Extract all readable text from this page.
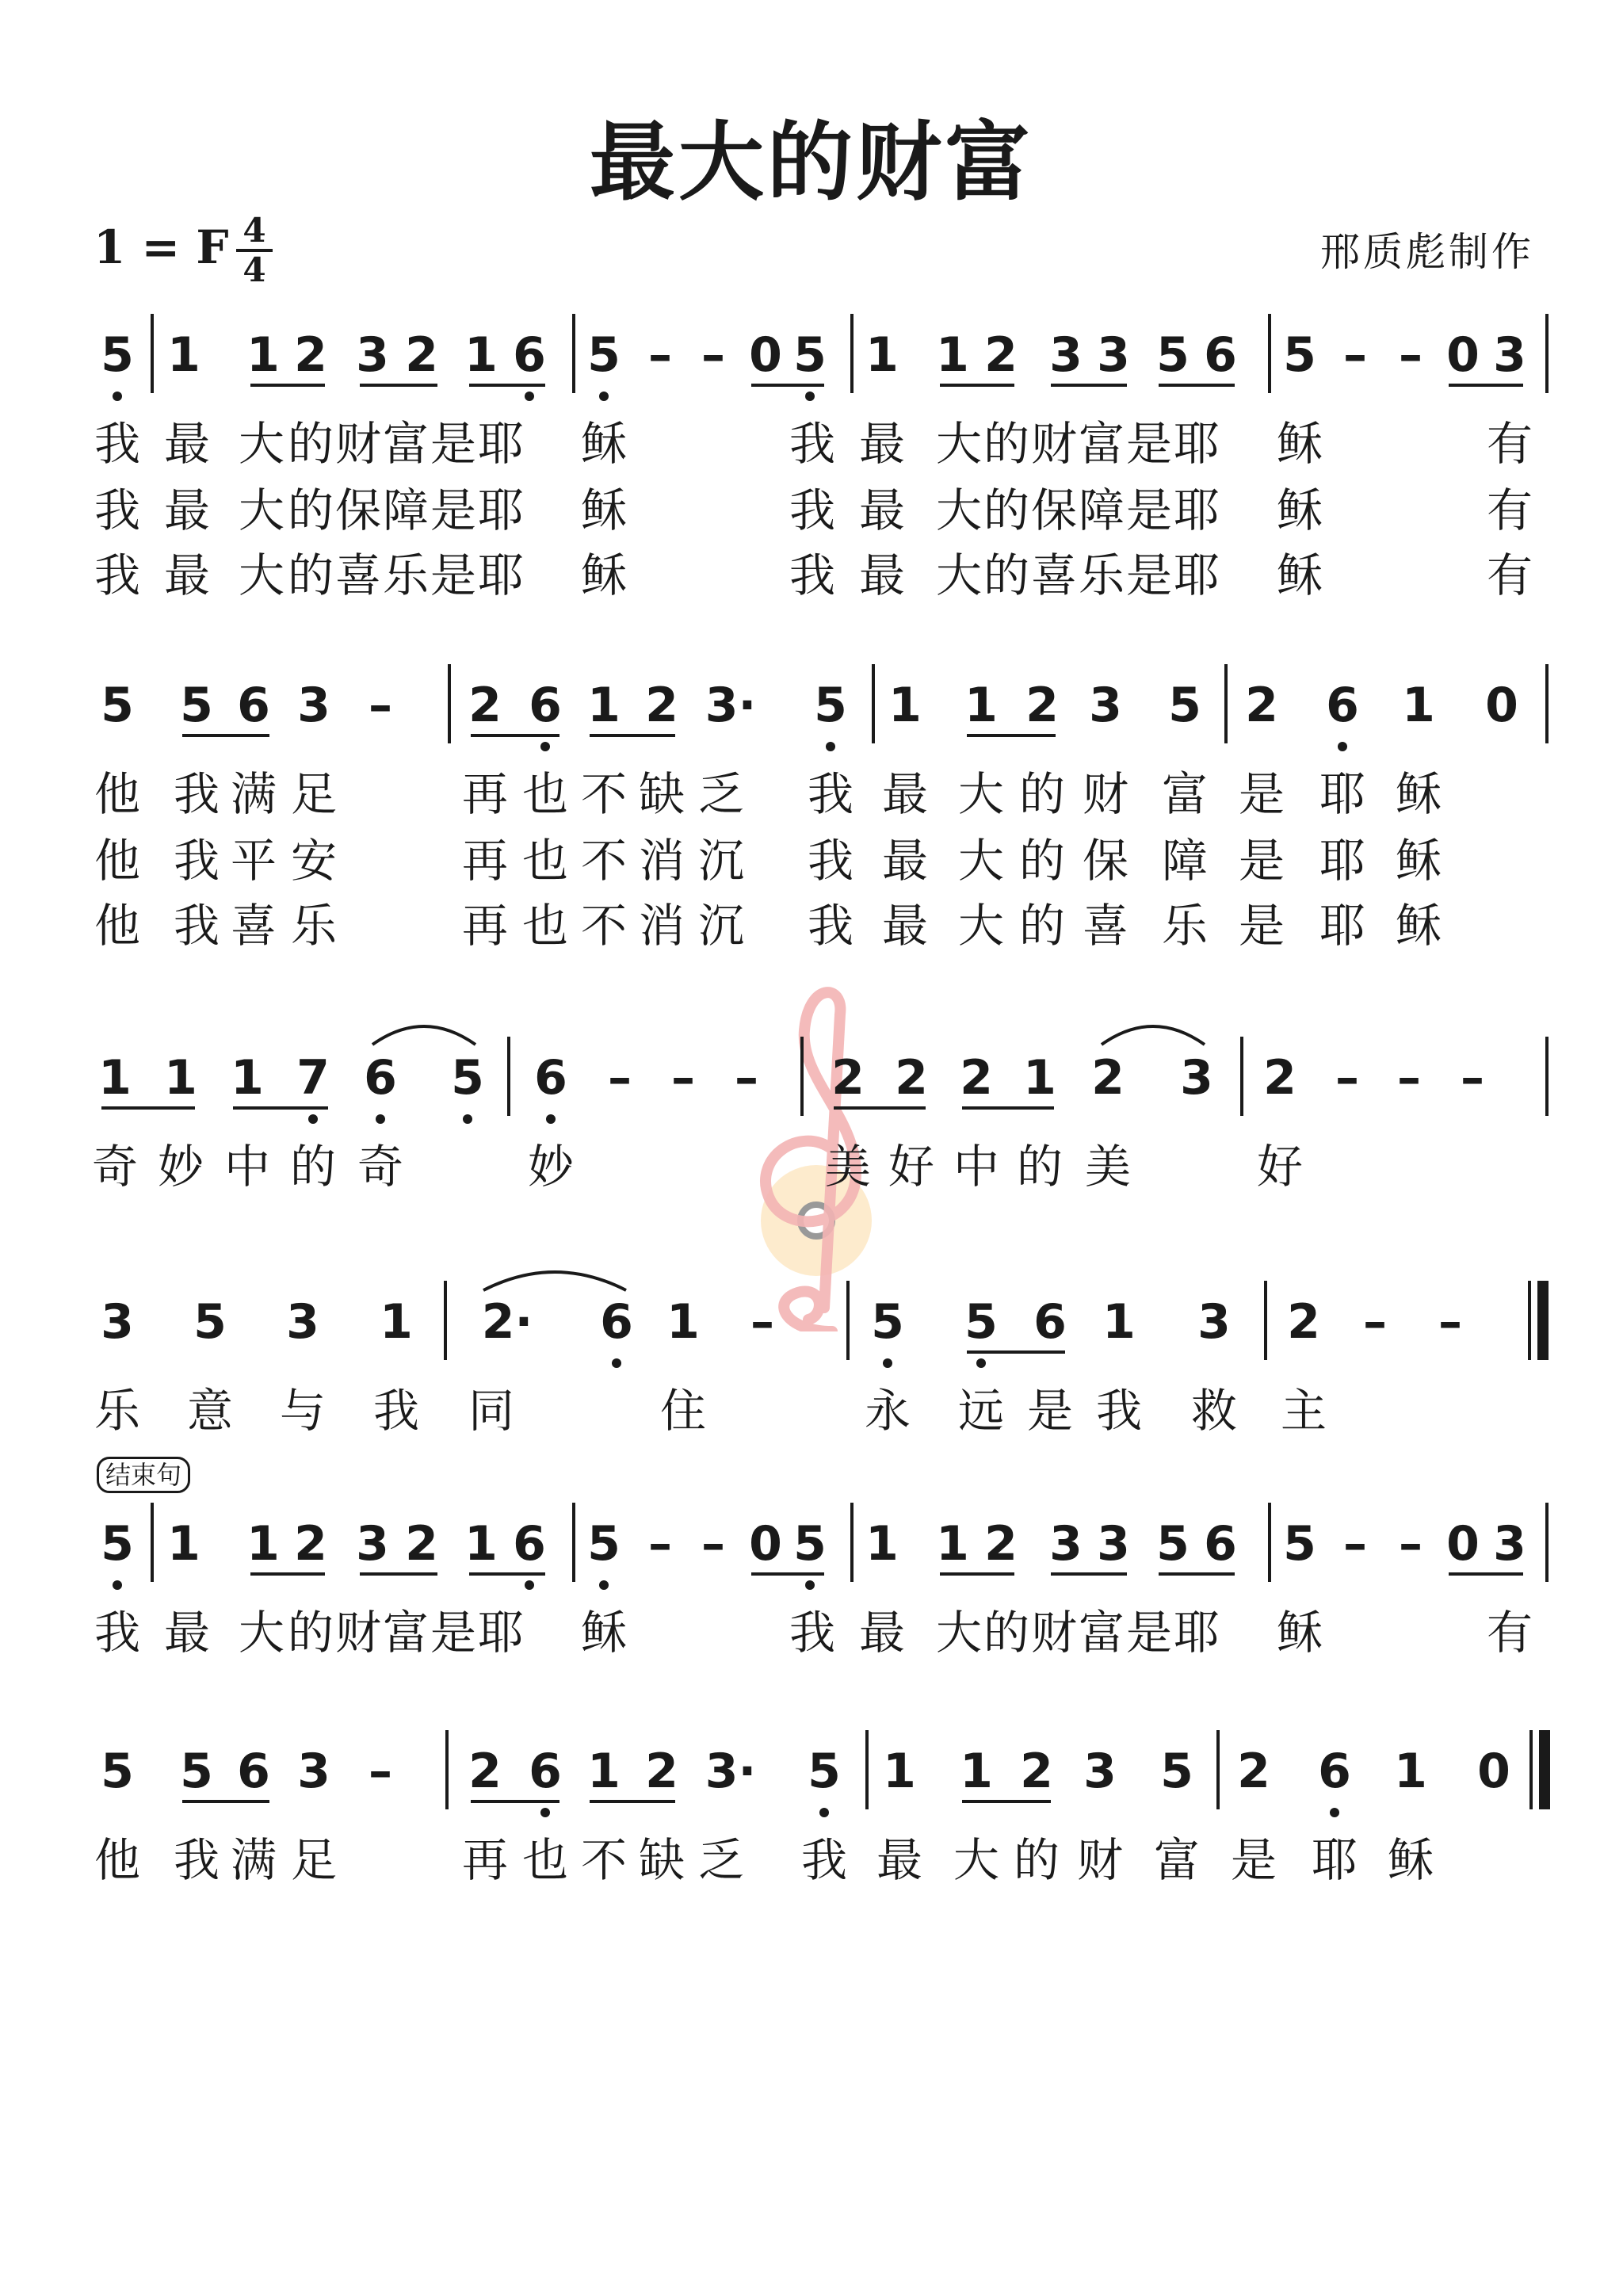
最大的财富
1 = F 4
4	邢质彪制作
结束句
5 1 1 2 3 2 1 6 5 – – 0 5 1 1 2 3 3 5 6 5 – – 0 3
我 最 大 的 财 富 是 耶 稣	我 最 大 的 财 富 是 耶 稣	有
我 最 大 的 保 障 是 耶 稣	我 最 大 的 保 障 是 耶 稣	有
我 最 大 的 喜 乐 是 耶 稣	我 最 大 的 喜 乐 是 耶 稣	有
5 5 6 3 – 2 6 1 2 3· 5 1 1 2 3 5 2 6 1 0
他 我 满 足	再 也 不 缺 乏 我 最 大 的 财 富 是 耶 稣
他 我 平 安	再 也 不 消 沉 我 最 大 的 保 障 是 耶 稣
他 我 喜 乐	再 也 不 消 沉 我 最 大 的 喜 乐 是 耶 稣
1 1 1 7 6 5 6 – – – 2 2 2 1 2 3 2 – – –
奇 妙 中 的 奇	妙	美 好 中 的 美	好
3 5 3 1 2· 6 1 – 5 5 6 1 3 2 – –
乐 意 与 我 同	住	永 远 是 我 救 主
5 1 1 2 3 2 1 6 5 – – 0 5 1 1 2 3 3 5 6 5 – – 0 3
我 最 大 的 财 富 是 耶 稣	我 最 大 的 财 富 是 耶 稣	有
5 5 6 3 – 2 6 1 2 3· 5 1 1 2 3 5 2 6 1 0
他 我 满 足	再 也 不 缺 乏 我 最 大 的 财 富 是 耶 稣
